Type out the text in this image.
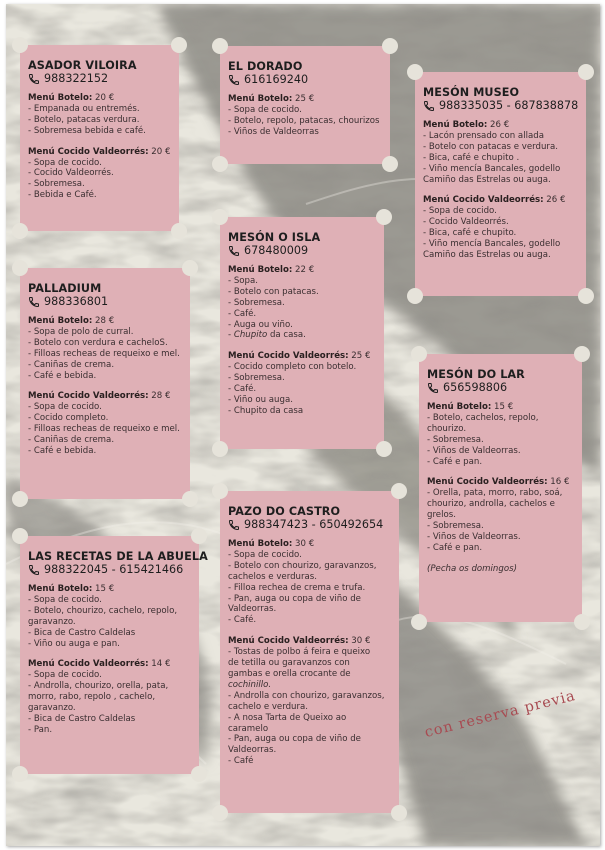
ASADOR VILOIRA
988322152
Menú Botelo: 20 €
- Empanada ou entremés.
- Botelo, patacas verdura.
- Sobremesa bebida e café.
Menú Cocido Valdeorrés: 20 €
- Sopa de cocido.
- Cocido Valdeorrés.
- Sobremesa.
- Bebida e Café.
EL DORADO
616169240
Menú Botelo: 25 €
- Sopa de cocido.
- Botelo, repolo, patacas, chourizos
- Viños de Valdeorras
MESÓN MUSEO
988335035 - 687838878
Menú Botelo: 26 €
- Lacón prensado con allada
- Botelo con patacas e verdura.
- Bica, café e chupito .
- Viño mencía Bancales, godello
Camiño das Estrelas ou auga.
Menú Cocido Valdeorrés: 26 €
- Sopa de cocido.
- Cocido Valdeorrés.
- Bica, café e chupito.
- Viño mencía Bancales, godello
Camiño das Estrelas ou auga.
MESÓN O ISLA
678480009
Menú Botelo: 22 €
- Sopa.
- Botelo con patacas.
- Sobremesa.
- Café.
- Auga ou viño.
- Chupito da casa.
Menú Cocido Valdeorrés: 25 €
- Cocido completo con botelo.
- Sobremesa.
- Café.
- Viño ou auga.
- Chupito da casa
PALLADIUM
988336801
Menú Botelo: 28 €
- Sopa de polo de curral.
- Botelo con verdura e cacheloS.
- Filloas recheas de requeixo e mel.
- Caniñas de crema.
- Café e bebida.
Menú Cocido Valdeorrés: 28 €
- Sopa de cocido.
- Cocido completo.
- Filloas recheas de requeixo e mel.
- Caniñas de crema.
- Café e bebida.
MESÓN DO LAR
656598806
Menú Botelo: 15 €
- Botelo, cachelos, repolo,
chourizo.
- Sobremesa.
- Viños de Valdeorras.
- Café e pan.
Menú Cocido Valdeorrés: 16 €
- Orella, pata, morro, rabo, soá,
chourizo, androlla, cachelos e
grelos.
- Sobremesa.
- Viños de Valdeorras.
- Café e pan.
(Pecha os domingos)
PAZO DO CASTRO
988347423 - 650492654
Menú Botelo: 30 €
- Sopa de cocido.
- Botelo con chourizo, garavanzos,
cachelos e verduras.
- Filloa rechea de crema e trufa.
- Pan, auga ou copa de viño de
Valdeorras.
- Café.
Menú Cocido Valdeorrés: 30 €
- Tostas de polbo á feira e queixo
de tetilla ou garavanzos con
gambas e orella crocante de
cochinillo.
- Androlla con chourizo, garavanzos,
cachelo e verdura.
- A nosa Tarta de Queixo ao
caramelo
- Pan, auga ou copa de viño de
Valdeorras.
- Café
LAS RECETAS DE LA ABUELA
988322045 - 615421466
Menú Botelo: 15 €
- Sopa de cocido.
- Botelo, chourizo, cachelo, repolo,
garavanzo.
- Bica de Castro Caldelas
- Viño ou auga e pan.
Menú Cocido Valdeorrés: 14 €
- Sopa de cocido.
- Androlla, chourizo, orella, pata,
morro, rabo, repolo , cachelo,
garavanzo.
- Bica de Castro Caldelas
- Pan.	con reserva previa
